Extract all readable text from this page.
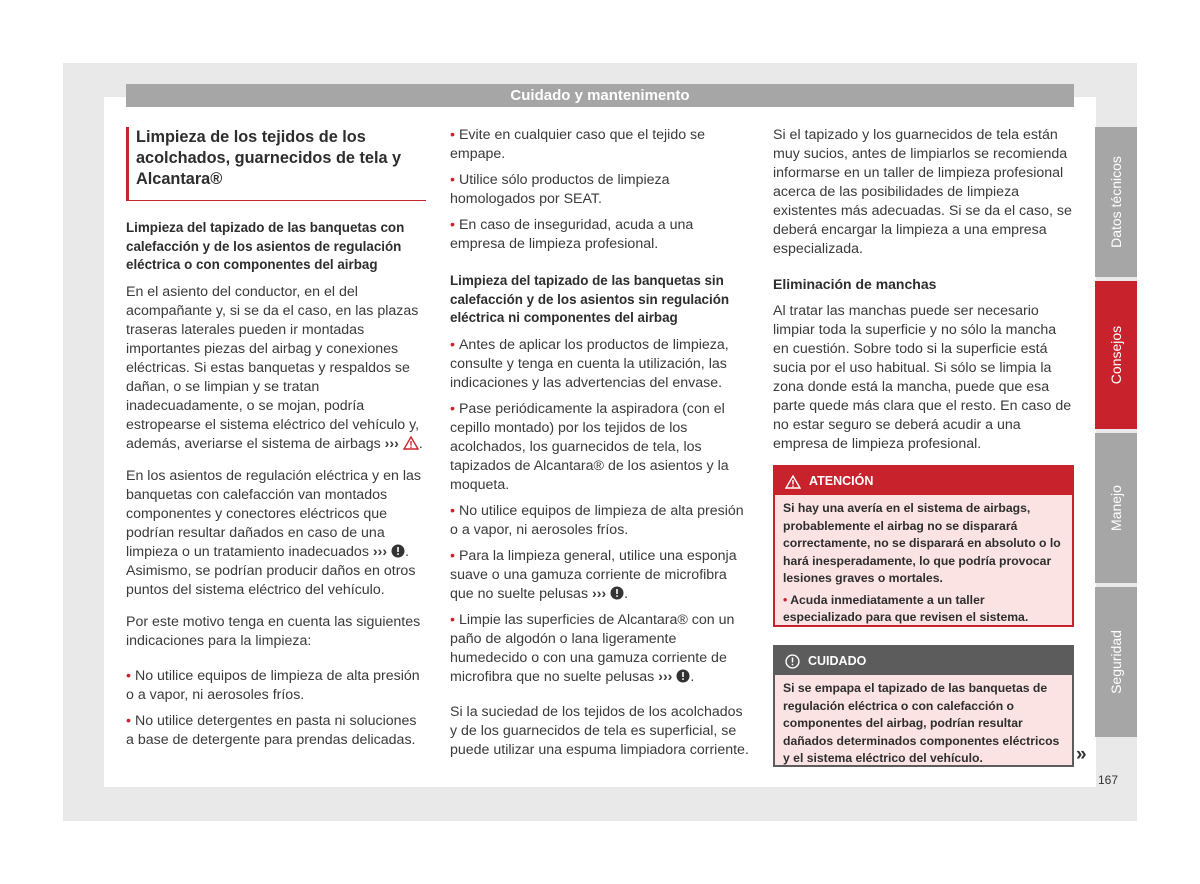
Cuidado y mantenimento
Limpieza de los tejidos de los acolchados, guarnecidos de tela y Alcantara®

Limpieza del tapizado de las banquetas con calefacción y de los asientos de regulación eléctrica o con componentes del airbag

En el asiento del conductor, en el del acompañante y, si se da el caso, en las plazas traseras laterales pueden ir montadas importantes piezas del airbag y conexiones eléctricas. Si estas banquetas y respaldos se dañan, o se limpian y se tratan inadecuadamente, o se mojan, podría estropearse el sistema eléctrico del vehículo y, además, averiarse el sistema de airbags ››› .

En los asientos de regulación eléctrica y en las banquetas con calefacción van montados componentes y conectores eléctricos que podrían resultar dañados en caso de una limpieza o un tratamiento inadecuados ››› .

Asimismo, se podrían producir daños en otros puntos del sistema eléctrico del vehículo.

Por este motivo tenga en cuenta las siguientes indicaciones para la limpieza:

• No utilice equipos de limpieza de alta presión o a vapor, ni aerosoles fríos.

• No utilice detergentes en pasta ni soluciones a base de detergente para prendas delicadas.

• Evite en cualquier caso que el tejido se empape.

• Utilice sólo productos de limpieza homologados por SEAT.

• En caso de inseguridad, acuda a una empresa de limpieza profesional.

Limpieza del tapizado de las banquetas sin calefacción y de los asientos sin regulación eléctrica ni componentes del airbag

• Antes de aplicar los productos de limpieza, consulte y tenga en cuenta la utilización, las indicaciones y las advertencias del envase.

• Pase periódicamente la aspiradora (con el cepillo montado) por los tejidos de los acolchados, los guarnecidos de tela, los tapizados de Alcantara® de los asientos y la moqueta.

• No utilice equipos de limpieza de alta presión o a vapor, ni aerosoles fríos.

• Para la limpieza general, utilice una esponja suave o una gamuza corriente de microfibra que no suelte pelusas ››› .

• Limpie las superficies de Alcantara® con un paño de algodón o lana ligeramente humedecido o con una gamuza corriente de microfibra que no suelte pelusas ››› .

Si la suciedad de los tejidos de los acolchados y de los guarnecidos de tela es superficial, se puede utilizar una espuma limpiadora corriente.

Si el tapizado y los guarnecidos de tela están muy sucios, antes de limpiarlos se recomienda informarse en un taller de limpieza profesional acerca de las posibilidades de limpieza existentes más adecuadas. Si se da el caso, se deberá encargar la limpieza a una empresa especializada.

Eliminación de manchas

Al tratar las manchas puede ser necesario limpiar toda la superficie y no sólo la mancha en cuestión. Sobre todo si la superficie está sucia por el uso habitual. Si sólo se limpia la zona donde está la mancha, puede que esa parte quede más clara que el resto. En caso de no estar seguro se deberá acudir a una empresa de limpieza profesional.

ATENCIÓN
Si hay una avería en el sistema de airbags, probablemente el airbag no se disparará correctamente, no se disparará en absoluto o lo hará inesperadamente, lo que podría provocar lesiones graves o mortales.
• Acuda inmediatamente a un taller especializado para que revisen el sistema.
CUIDADO
Si se empapa el tapizado de las banquetas de regulación eléctrica o con calefacción o componentes del airbag, podrían resultar dañados determinados componentes eléctricos y el sistema eléctrico del vehículo.	»
167
Datos técnicos
Consejos
Manejo
Seguridad
